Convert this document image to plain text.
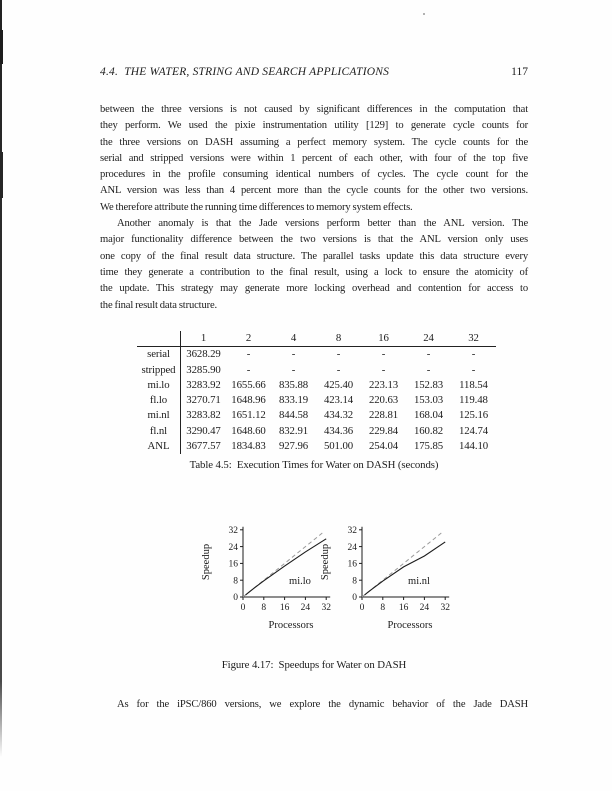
4.4.  THE WATER, STRING AND SEARCH APPLICATIONS	117
between the three versions is not caused by significant differences in the computation that
they perform. We used the pixie instrumentation utility [129] to generate cycle counts for
the three versions on DASH assuming a perfect memory system. The cycle counts for the
serial and stripped versions were within 1 percent of each other, with four of the top five
procedures in the profile consuming identical numbers of cycles. The cycle count for the
ANL version was less than 4 percent more than the cycle counts for the other two versions.
We therefore attribute the running time differences to memory system effects.
Another anomaly is that the Jade versions perform better than the ANL version. The
major functionality difference between the two versions is that the ANL version only uses
one copy of the final result data structure. The parallel tasks update this data structure every
time they generate a contribution to the final result, using a lock to ensure the atomicity of
the update. This strategy may generate more locking overhead and contention for access to
the final result data structure.
	1	2	4	8	16	24	32
serial	3628.29	-	-	-	-	-	-
stripped	3285.90	-	-	-	-	-	-
mi.lo	3283.92	1655.66	835.88	425.40	223.13	152.83	118.54
fl.lo	3270.71	1648.96	833.19	423.14	220.63	153.03	119.48
mi.nl	3283.82	1651.12	844.58	434.32	228.81	168.04	125.16
fl.nl	3290.47	1648.60	832.91	434.36	229.84	160.82	124.74
ANL	3677.57	1834.83	927.96	501.00	254.04	175.85	144.10
Table 4.5:  Execution Times for Water on DASH (seconds)
0 8 16 24 32
0
8
16
24
32
mi.lo
Processors
Speedup
0 8 16 24 32
0
8
16
24
32
mi.nl
Processors
Speedup
Figure 4.17:  Speedups for Water on DASH
As for the iPSC/860 versions, we explore the dynamic behavior of the Jade DASH
